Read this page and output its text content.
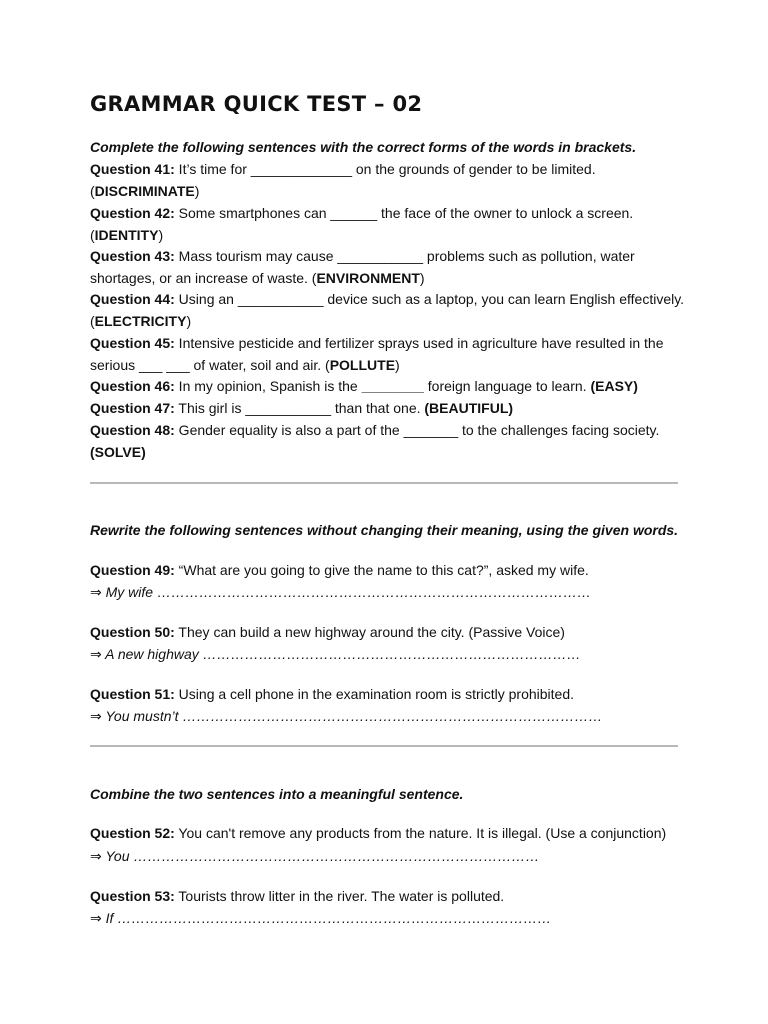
GRAMMAR QUICK TEST – 02
Complete the following sentences with the correct forms of the words in brackets.
Question 41: It’s time for _____________ on the grounds of gender to be limited.
(DISCRIMINATE)
Question 42: Some smartphones can ______ the face of the owner to unlock a screen.
(IDENTITY)
Question 43: Mass tourism may cause ___________ problems such as pollution, water
shortages, or an increase of waste. (ENVIRONMENT)
Question 44: Using an ___________ device such as a laptop, you can learn English effectively.
(ELECTRICITY)
Question 45: Intensive pesticide and fertilizer sprays used in agriculture have resulted in the
serious ___ ___ of water, soil and air. (POLLUTE)
Question 46: In my opinion, Spanish is the ________ foreign language to learn. (EASY)
Question 47: This girl is ___________ than that one. (BEAUTIFUL)
Question 48: Gender equality is also a part of the _______ to the challenges facing society.
(SOLVE)
Rewrite the following sentences without changing their meaning, using the given words.
Question 49: “What are you going to give the name to this cat?”, asked my wife.
⇒ My wife …………………………………………………………………………………
Question 50: They can build a new highway around the city. (Passive Voice)
⇒ A new highway ………………………………………………………………………
Question 51: Using a cell phone in the examination room is strictly prohibited.
⇒ You mustn’t ………………………………………………………………………………
Combine the two sentences into a meaningful sentence.
Question 52: You can't remove any products from the nature. It is illegal. (Use a conjunction)
⇒ You ……………………………………………………………………………
Question 53: Tourists throw litter in the river. The water is polluted.
⇒ If …………………………………………………………………………………
